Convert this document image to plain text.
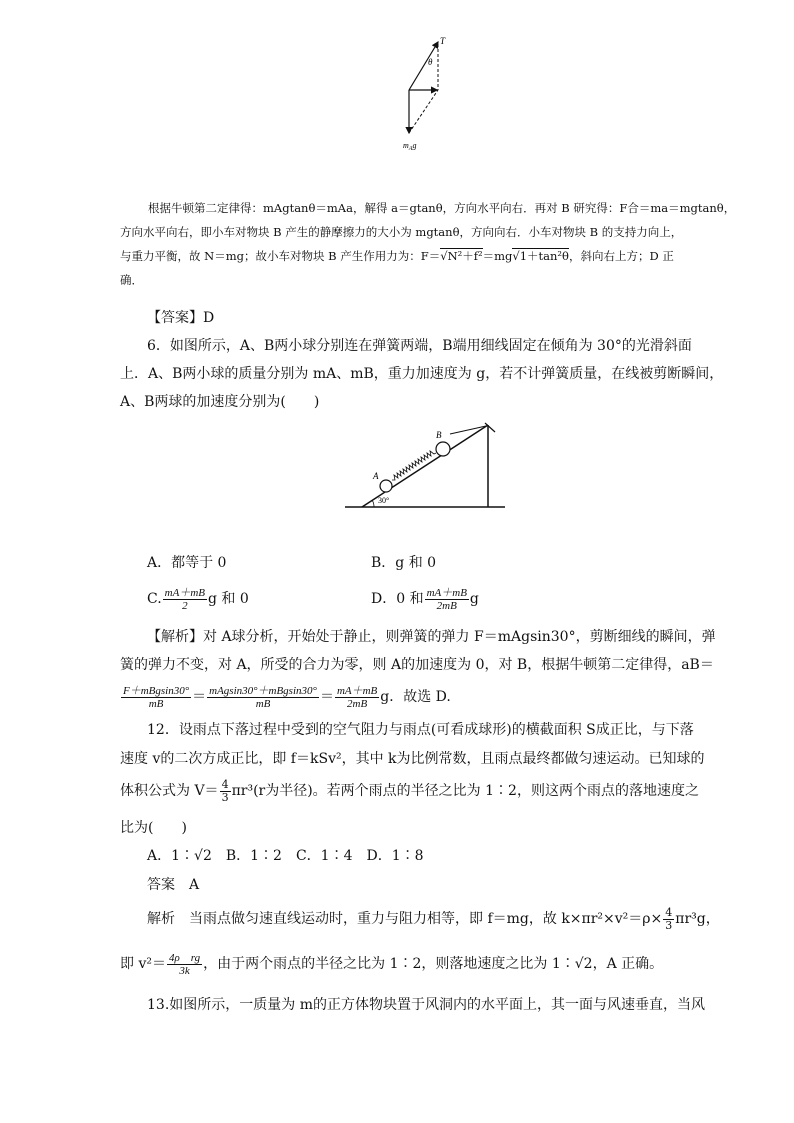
T
θ
$m_Ag$
根据牛顿第二定律得：mAgtanθ＝mAa，解得 a＝gtanθ，方向水平向右．再对 B 研究得：F合＝ma＝mgtanθ，
方向水平向右，即小车对物块 B 产生的静摩擦力的大小为 mgtanθ，方向向右．小车对物块 B 的支持力向上，
与重力平衡，故 N＝mg；故小车对物块 B 产生作用力为：F＝√N²＋f²＝mg√1＋tan²θ，斜向右上方；D 正
确．
【答案】D
6．如图所示，A、B两小球分别连在弹簧两端，B端用细线固定在倾角为 30°的光滑斜面
上．A、B两小球的质量分别为 mA、mB，重力加速度为 g，若不计弹簧质量，在线被剪断瞬间，
A、B两球的加速度分别为(　　)
A
B
30°
A．都等于 0	B．g 和 0
C. $\frac{mA+mB}{2}$ g 和 0	D．0 和 $\frac{mA+mB}{2mB}$ g
【解析】对 A球分析，开始处于静止，则弹簧的弹力 F＝mAgsin30°，剪断细线的瞬间，弹
簧的弹力不变，对 A，所受的合力为零，则 A的加速度为 0，对 B，根据牛顿第二定律得，aB＝
$\frac{\text{F＋mBgsin30°}}{mB} = \frac{\text{mAgsin30°＋mBgsin30°}}{mB} = \frac{mA+mB}{2mB}$ g．故选 D.
12．设雨点下落过程中受到的空气阻力与雨点(可看成球形)的横截面积 S成正比，与下落
速度 v的二次方成正比，即 f＝kSv²，其中 k为比例常数，且雨点最终都做匀速运动。已知球的
体积公式为 $V= \frac{4}{3} \pi r^3(r$为半径)。若两个雨点的半径之比为 1∶2，则这两个雨点的落地速度之
比为(　　)
A．1∶√2　B．1∶2　C．1∶4　D．1∶8
答案　A
解析　当雨点做匀速直线运动时，重力与阻力相等，即 f＝mg，故 $k\times\pi r^2\times v^2=\rho\times \frac{4}{3} \pi r^3g$，
即 $v^2= \frac{\text{4ρ　rg}}{3k}$ ，由于两个雨点的半径之比为 1∶2，则落地速度之比为 1∶√2，A 正确。
13.如图所示，一质量为 m的正方体物块置于风洞内的水平面上，其一面与风速垂直，当风
